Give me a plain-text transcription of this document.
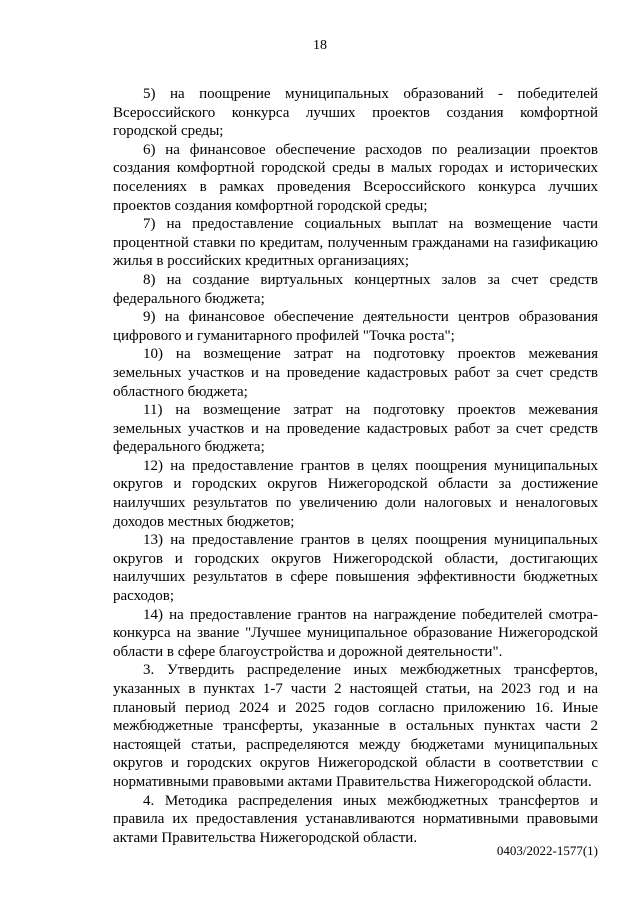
18

5) на поощрение муниципальных образований - победителей Всероссийского конкурса лучших проектов создания комфортной городской среды;

6) на финансовое обеспечение расходов по реализации проектов создания комфортной городской среды в малых городах и исторических поселениях в рамках проведения Всероссийского конкурса лучших проектов создания комфортной городской среды;

7) на предоставление социальных выплат на возмещение части процентной ставки по кредитам, полученным гражданами на газификацию жилья в российских кредитных организациях;

8) на создание виртуальных концертных залов за счет средств федерального бюджета;

9) на финансовое обеспечение деятельности центров образования цифрового и гуманитарного профилей "Точка роста";

10) на возмещение затрат на подготовку проектов межевания земельных участков и на проведение кадастровых работ за счет средств областного бюджета;

11) на возмещение затрат на подготовку проектов межевания земельных участков и на проведение кадастровых работ за счет средств федерального бюджета;

12) на предоставление грантов в целях поощрения муниципальных округов и городских округов Нижегородской области за достижение наилучших результатов по увеличению доли налоговых и неналоговых доходов местных бюджетов;

13) на предоставление грантов в целях поощрения муниципальных округов и городских округов Нижегородской области, достигающих наилучших результатов в сфере повышения эффективности бюджетных расходов;

14) на предоставление грантов на награждение победителей смотра-конкурса на звание "Лучшее муниципальное образование Нижегородской области в сфере благоустройства и дорожной деятельности".

3. Утвердить распределение иных межбюджетных трансфертов, указанных в пунктах 1-7 части 2 настоящей статьи, на 2023 год и на плановый период 2024 и 2025 годов согласно приложению 16. Иные межбюджетные трансферты, указанные в остальных пунктах части 2 настоящей статьи, распределяются между бюджетами муниципальных округов и городских округов Нижегородской области в соответствии с нормативными правовыми актами Правительства Нижегородской области.

4. Методика распределения иных межбюджетных трансфертов и правила их предоставления устанавливаются нормативными правовыми актами Правительства Нижегородской области.

0403/2022-1577(1)
